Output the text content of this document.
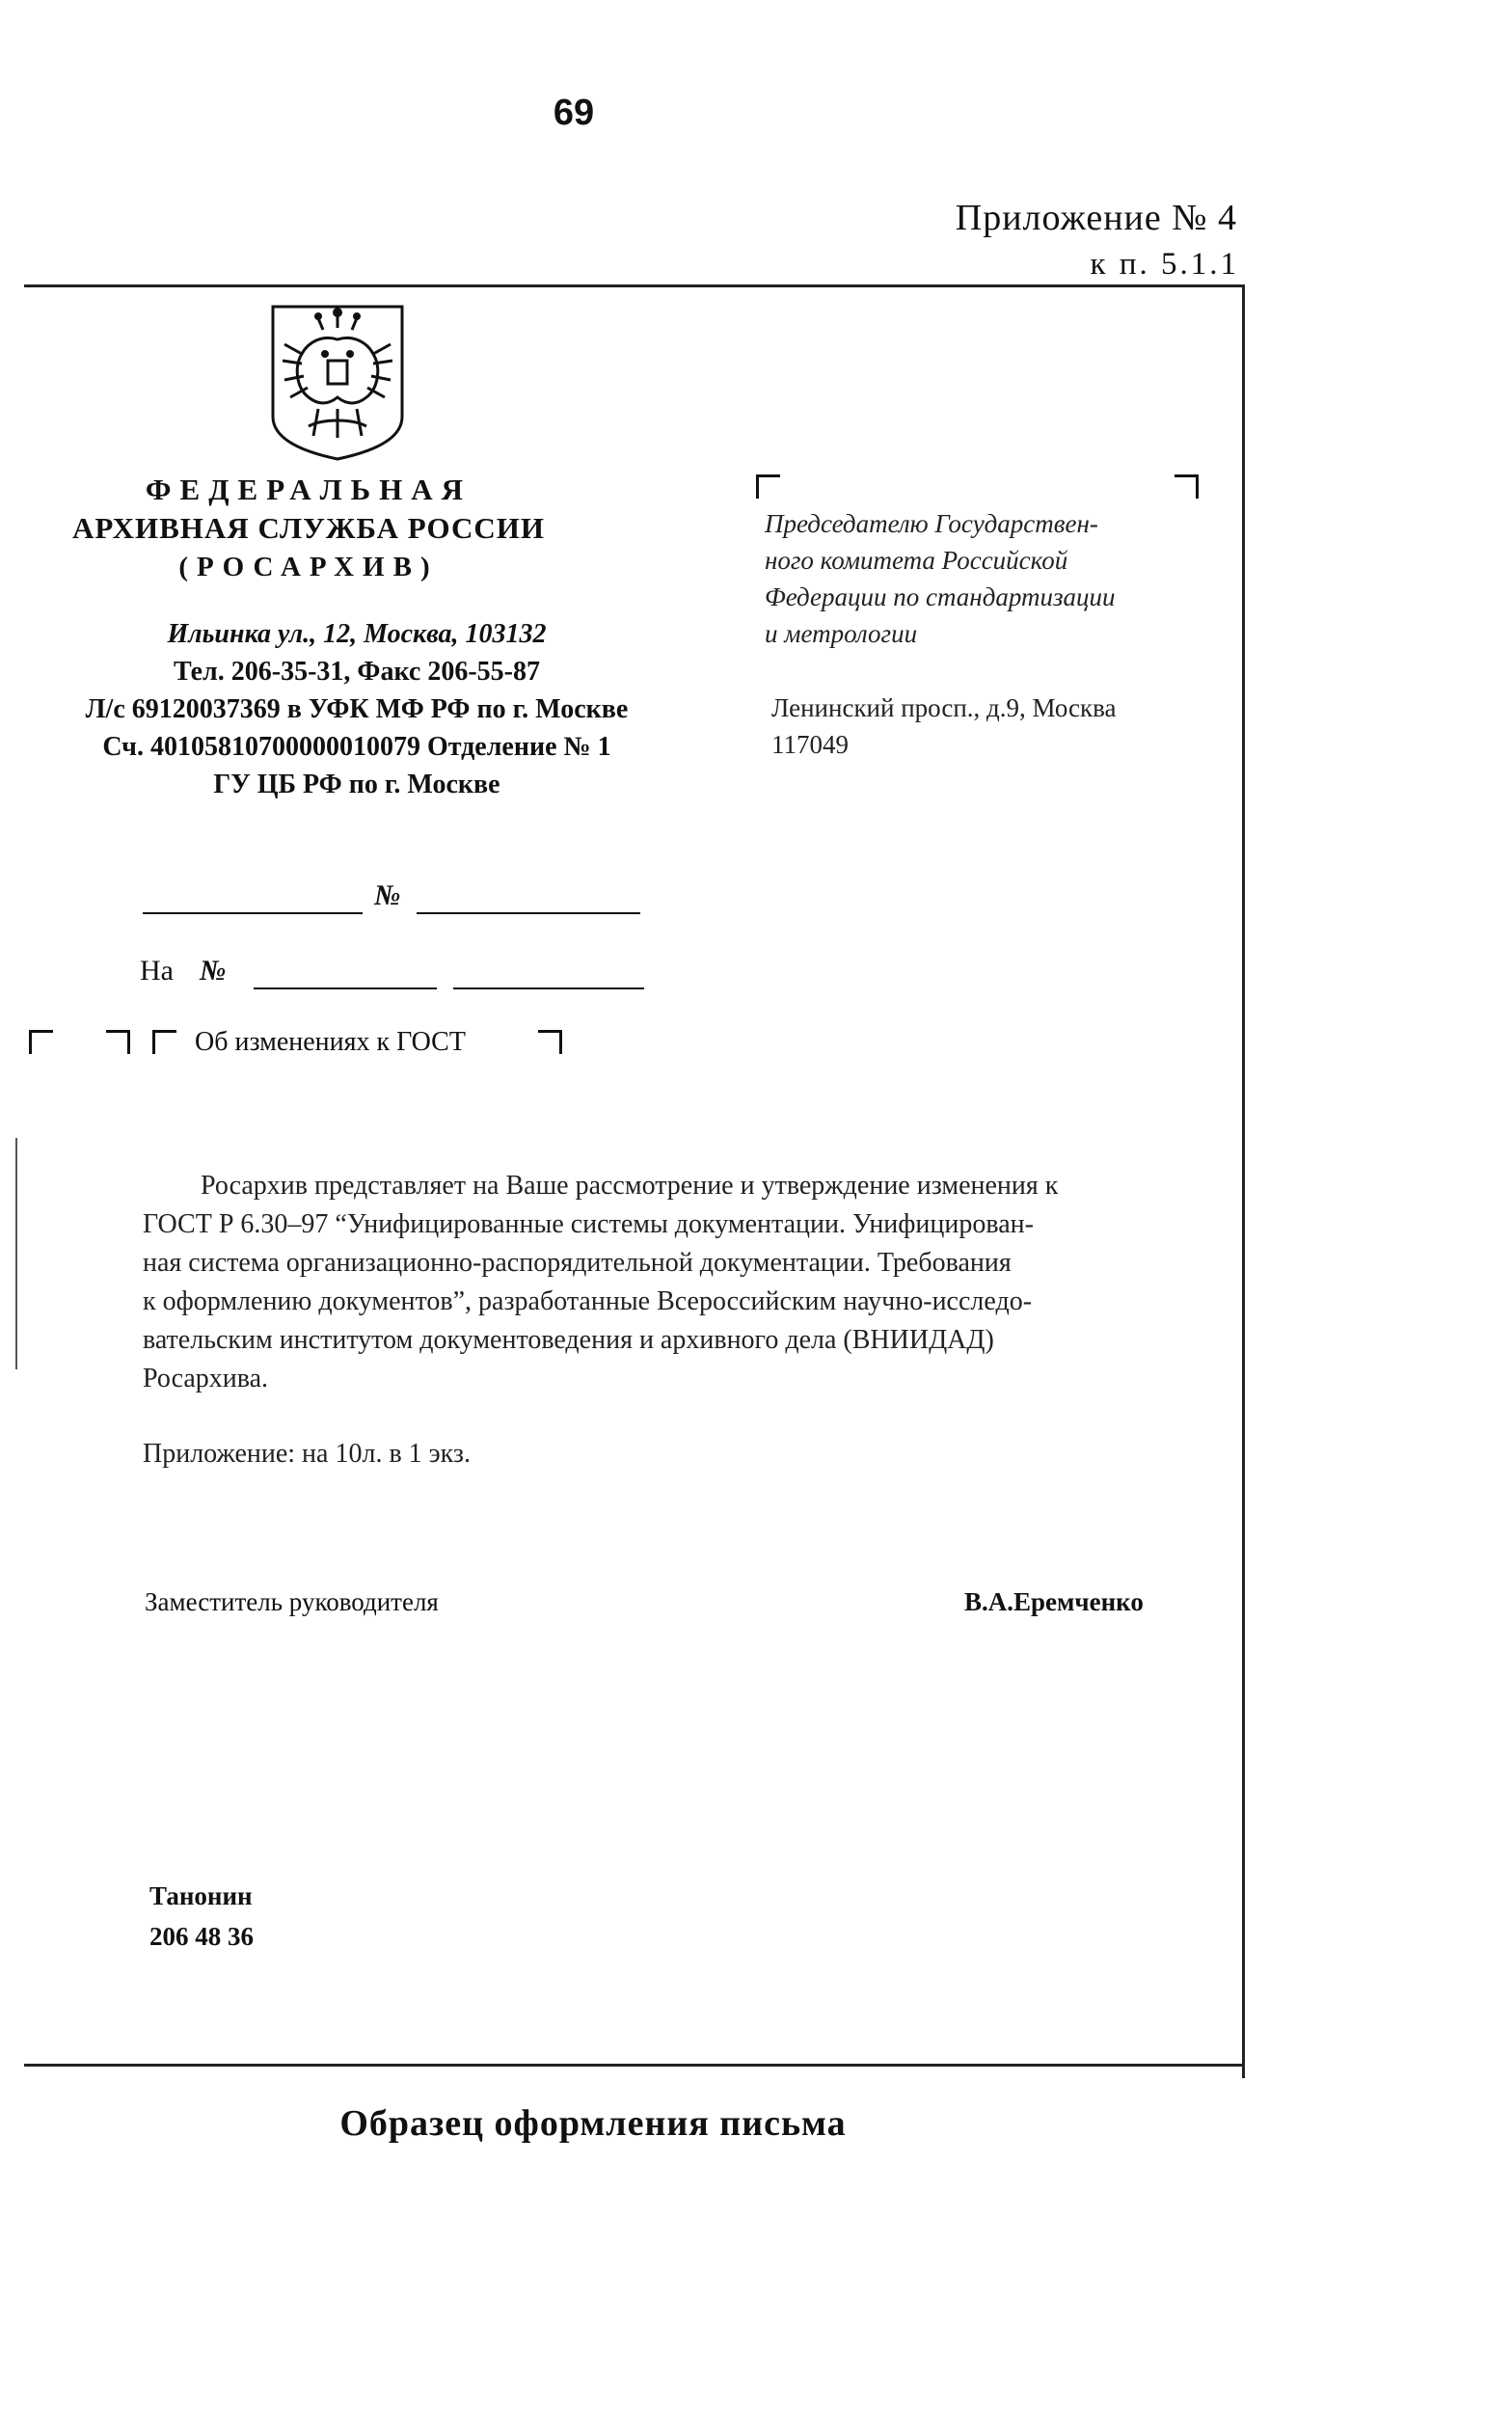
69
Приложение № 4
к п. 5.1.1
ФЕДЕРАЛЬНАЯ
АРХИВНАЯ СЛУЖБА РОССИИ
(РОСАРХИВ)
Ильинка ул., 12, Москва, 103132
Тел. 206-35-31, Факс 206-55-87
Л/с 69120037369 в УФК МФ РФ по г. Москве
Сч. 40105810700000010079 Отделение № 1
ГУ ЦБ РФ по г. Москве
Председателю Государствен-
ного комитета Российской
Федерации по стандартизации
и метрологии
Ленинский просп., д.9, Москва
117049
№
На №
Об изменениях к ГОСТ
Росархив представляет на Ваше рассмотрение и утверждение изменения к
ГОСТ Р 6.30–97 “Унифицированные системы документации. Унифицирован-
ная система организационно-распорядительной документации. Требования
к оформлению документов”, разработанные Всероссийским научно-исследо-
вательским институтом документоведения и архивного дела (ВНИИДАД)
Росархива.
Приложение: на 10л. в 1 экз.
Заместитель руководителя	В.А.Еремченко
Танонин
206 48 36
Образец оформления письма
